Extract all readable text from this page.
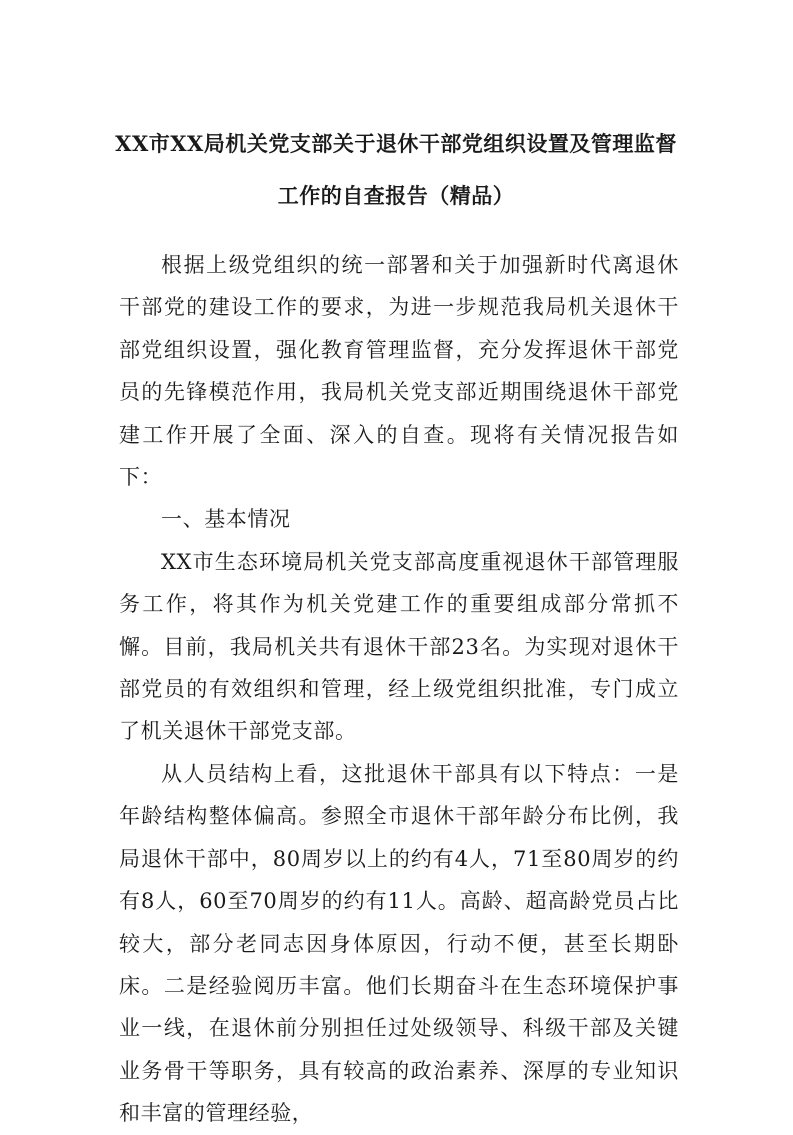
XX市XX局机关党支部关于退休干部党组织设置及管理监督
工作的自查报告（精品）

根据上级党组织的统一部署和关于加强新时代离退休干部党的建设工作的要求，为进一步规范我局机关退休干部党组织设置，强化教育管理监督，充分发挥退休干部党员的先锋模范作用，我局机关党支部近期围绕退休干部党建工作开展了全面、深入的自查。现将有关情况报告如下：

一、基本情况

XX市生态环境局机关党支部高度重视退休干部管理服务工作，将其作为机关党建工作的重要组成部分常抓不懈。目前，我局机关共有退休干部23名。为实现对退休干部党员的有效组织和管理，经上级党组织批准，专门成立了机关退休干部党支部。

从人员结构上看，这批退休干部具有以下特点：一是年龄结构整体偏高。参照全市退休干部年龄分布比例，我局退休干部中，80周岁以上的约有4人，71至80周岁的约有8人，60至70周岁的约有11人。高龄、超高龄党员占比较大，部分老同志因身体原因，行动不便，甚至长期卧床。二是经验阅历丰富。他们长期奋斗在生态环境保护事业一线，在退休前分别担任过处级领导、科级干部及关键业务骨干等职务，具有较高的政治素养、深厚的专业知识和丰富的管理经验，
